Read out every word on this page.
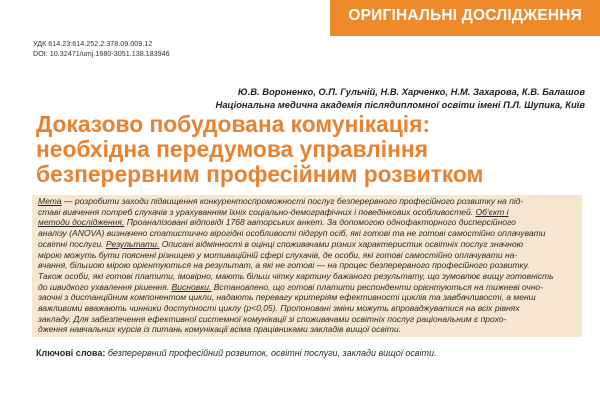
ОРИГІНАЛЬНІ ДОСЛІДЖЕННЯ
УДК 614.23:614.252.2:378.09.009.12
DOI: 10.32471/umj.1680-3051.138.183946
Ю.В. Вороненко, О.П. Гульчій, Н.В. Харченко, Н.М. Захарова, К.В. Балашов
Національна медична академія післядипломної освіти імені П.Л. Шупика, Київ
Доказово побудована комунікація:
необхідна передумова управління
безперервним професійним розвитком
Мета — розробити заходи підвищення конкурентоспроможності послуг безперервного професійного розвитку на під-
ставі вивчення потреб слухачів з урахуванням їхніх соціально-демографічних і поведінкових особливостей. Об’єкт і
методи дослідження. Проаналізовані відповіді 1768 авторських анкет. За допомогою однофакторного дисперсійного
аналізу (ANOVA) визначено статистично вірогідні особливості підгруп осіб, які готові та не готові самостійно оплачувати
освітні послуги. Результати. Описані відмінності в оцінці споживачами різних характеристик освітніх послуг значною
мірою можуть бути пояснені різницею у мотиваційній сфері слухачів, де особи, які готові самостійно оплачувати на-
вчання, більшою мірою орієнтуються на результат, а які не готові — на процес безперервного професійного розвитку.
Також особи, які готові платити, імовірно, мають більш чітку картину бажаного результату, що зумовлює вищу готовність
до швидкого ухвалення рішення. Висновки. Встановлено, що готові платити респонденти орієнтуються на тижневі очно-
заочні з дистанційним компонентом цикли, надають перевагу критеріям ефективності циклів та завбачливості, а менш
важливими вважають чинники доступності циклу (p<0,05). Пропоновані зміни можуть впроваджуватися на всіх рівнях
закладу. Для забезпечення ефективної системної комунікації зі споживачами освітніх послуг раціональним є прохо-
дження навчальних курсів із питань комунікації всіма працівниками закладів вищої освіти.
Ключові слова: безперервний професійний розвиток, освітні послуги, заклади вищої освіти.
